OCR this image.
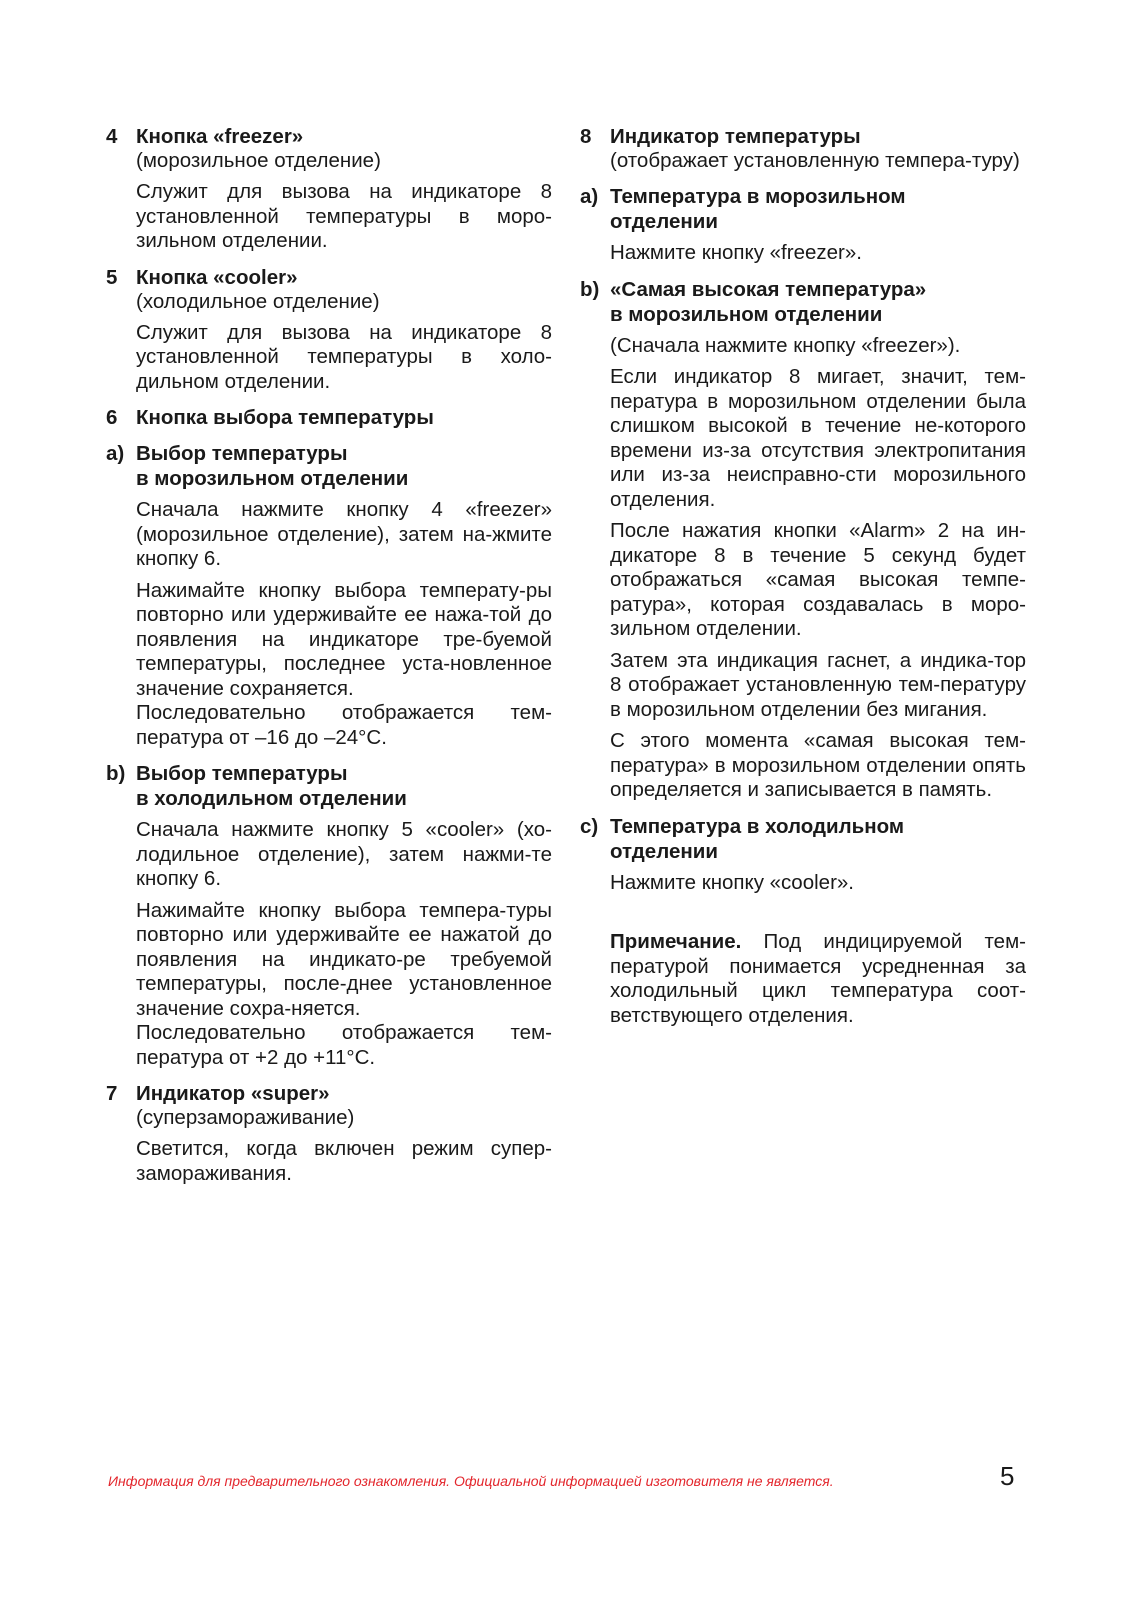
4 Кнопка «freezer»
(морозильное отделение)
Служит для вызова на индикаторе 8 установленной температуры в моро-зильном отделении.
5 Кнопка «cooler»
(холодильное отделение)
Служит для вызова на индикаторе 8 установленной температуры в холо-дильном отделении.
6 Кнопка выбора температуры
a) Выбор температуры
в морозильном отделении
Сначала нажмите кнопку 4 «freezer» (морозильное отделение), затем на-жмите кнопку 6.
Нажимайте кнопку выбора температу-ры повторно или удерживайте ее нажа-той до появления на индикаторе тре-буемой температуры, последнее уста-новленное значение сохраняется.
Последовательно отображается тем-пература от –16 до –24°С.
b) Выбор температуры
в холодильном отделении
Сначала нажмите кнопку 5 «cooler» (хо-лодильное отделение), затем нажми-те кнопку 6.
Нажимайте кнопку выбора темпера-туры повторно или удерживайте ее нажатой до появления на индикато-ре требуемой температуры, после-днее установленное значение сохра-няется.
Последовательно отображается тем-пература от +2 до +11°С.
7 Индикатор «super»
(суперзамораживание)
Светится, когда включен режим супер-замораживания.
8 Индикатор температуры
(отображает установленную темпера-туру)
a) Температура в морозильном
отделении
Нажмите кнопку «freezer».
b) «Самая высокая температура»
в морозильном отделении
(Сначала нажмите кнопку «freezer»).
Если индикатор 8 мигает, значит, тем-пература в морозильном отделении была слишком высокой в течение не-которого времени из-за отсутствия электропитания или из-за неисправно-сти морозильного отделения.
После нажатия кнопки «Alarm» 2 на ин-дикаторе 8 в течение 5 секунд будет отображаться «самая высокая темпе-ратура», которая создавалась в моро-зильном отделении.
Затем эта индикация гаснет, а индика-тор 8 отображает установленную тем-пературу в морозильном отделении без мигания.
С этого момента «самая высокая тем-пература» в морозильном отделении опять определяется и записывается в память.
c) Температура в холодильном
отделении
Нажмите кнопку «cooler».
Примечание. Под индицируемой тем-пературой понимается усредненная за холодильный цикл температура соот-ветствующего отделения.
Информация для предварительного ознакомления. Официальной информацией изготовителя не является.	5
